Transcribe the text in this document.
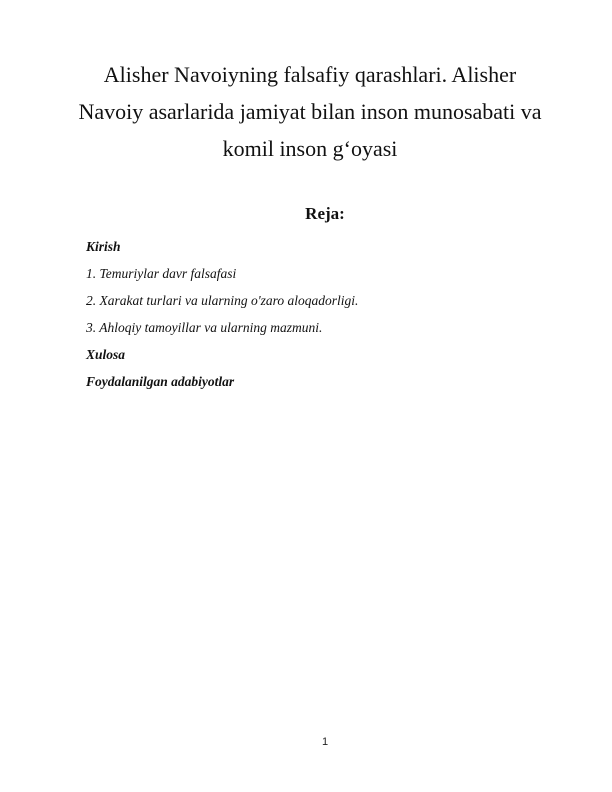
Alisher Navoiyning falsafiy qarashlari. Alisher
Navoiy asarlarida jamiyat bilan inson munosabati va
komil inson g‘oyasi
Reja:
Kirish
1. Temuriylar davr falsafasi
2. Xarakat turlari va ularning o'zaro aloqadorligi.
3. Ahloqiy tamoyillar va ularning mazmuni.
Xulosa
Foydalanilgan adabiyotlar
1
